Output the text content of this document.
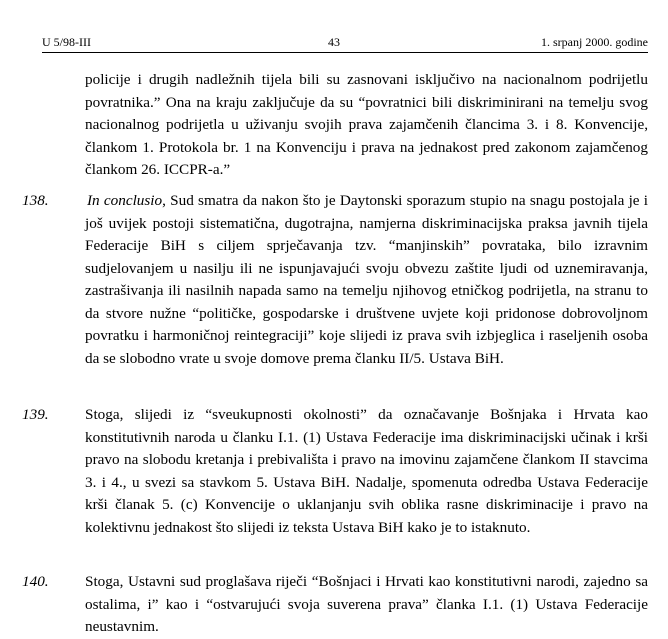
U 5/98-III	43	1. srpanj 2000. godine

policije i drugih nadležnih tijela bili su zasnovani isključivo na nacionalnom podrijetlu povratnika.” Ona na kraju zaključuje da su “povratnici bili diskriminirani na temelju svog nacionalnog podrijetla u uživanju svojih prava zajamčenih člancima 3. i 8. Konvencije, člankom 1. Protokola br. 1 na Konvenciju i prava na jednakost pred zakonom zajamčenog člankom 26. ICCPR-a.”

138.	In conclusio, Sud smatra da nakon što je Daytonski sporazum stupio na snagu postojala je i još uvijek postoji sistematična, dugotrajna, namjerna diskriminacijska praksa javnih tijela Federacije BiH s ciljem sprječavanja tzv. “manjinskih” povrataka, bilo izravnim sudjelovanjem u nasilju ili ne ispunjavajući svoju obvezu zaštite ljudi od uznemiravanja, zastrašivanja ili nasilnih napada samo na temelju njihovog etničkog podrijetla, na stranu to da stvore nužne “političke, gospodarske i društvene uvjete koji pridonose dobrovoljnom povratku i harmoničnoj reintegraciji” koje slijedi iz prava svih izbjeglica i raseljenih osoba da se slobodno vrate u svoje domove prema članku II/5. Ustava BiH.

139. Stoga, slijedi iz “sveukupnosti okolnosti” da označavanje Bošnjaka i Hrvata kao konstitutivnih naroda u članku I.1. (1) Ustava Federacije ima diskriminacijski učinak i krši pravo na slobodu kretanja i prebivališta i pravo na imovinu zajamčene člankom II stavcima 3. i 4., u svezi sa stavkom 5. Ustava BiH. Nadalje, spomenuta odredba Ustava Federacije krši članak 5. (c) Konvencije o uklanjanju svih oblika rasne diskriminacije i pravo na kolektivnu jednakost što slijedi iz teksta Ustava BiH kako je to istaknuto.

140. Stoga, Ustavni sud proglašava riječi “Bošnjaci i Hrvati kao konstitutivni narodi, zajedno sa ostalima, i” kao i “ostvarujući svoja suverena prava” članka I.1. (1) Ustava Federacije neustavnim.
